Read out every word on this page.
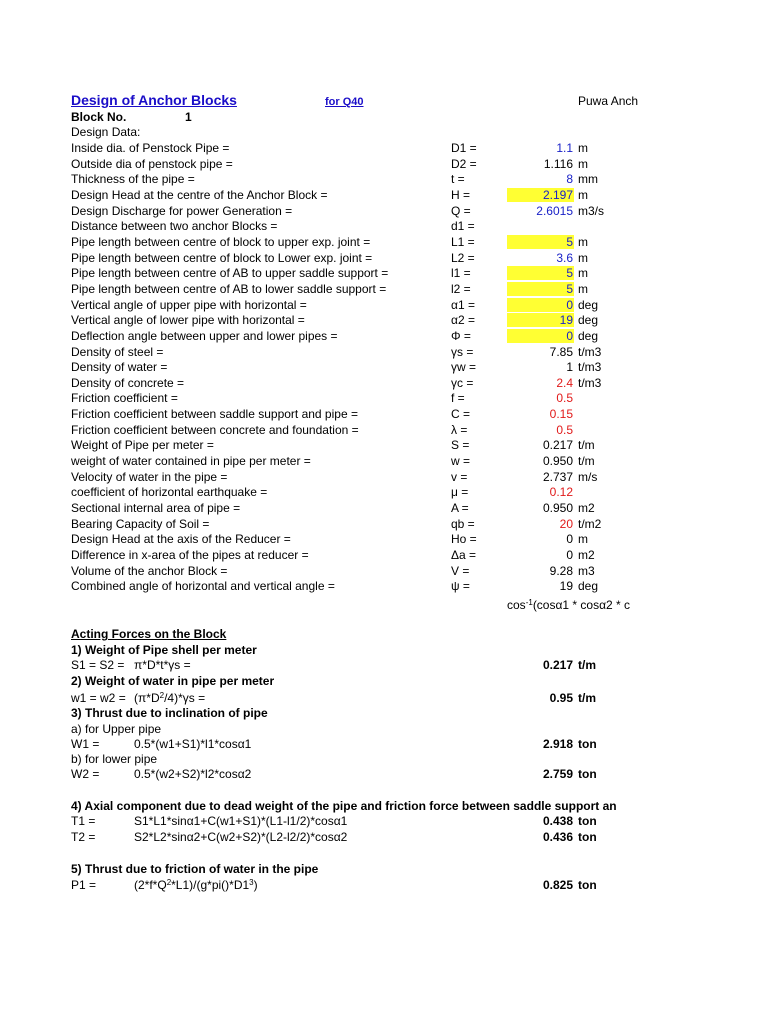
Design of Anchor Blocks	for Q40	Puwa Anch
Block No.	1
Design Data:
Inside dia. of Penstock Pipe =	D1 =	1.1 m
Outside dia of penstock pipe =	D2 =	1.116 m
Thickness of the pipe =	t =	8 mm
Design Head at the centre of the Anchor Block =	H =	2.197 m
Design Discharge for power Generation =	Q =	2.6015 m3/s
Distance between two anchor Blocks =	d1 =
Pipe length between centre of block to upper exp. joint =	L1 =	5 m
Pipe length between centre of block to Lower exp. joint =	L2 =	3.6 m
Pipe length between centre of AB to upper saddle support =	l1 =	5 m
Pipe length between centre of AB to lower saddle support =	l2 =	5 m
Vertical angle of upper pipe with horizontal =	α1 =	0 deg
Vertical angle of lower pipe with horizontal =	α2 =	19 deg
Deflection angle between upper and lower pipes =	Φ =	0 deg
Density of steel =	γs =	7.85 t/m3
Density of water =	γw =	1 t/m3
Density of concrete =	γc =	2.4 t/m3
Friction coefficient =	f =	0.5
Friction coefficient between saddle support and pipe =	C =	0.15
Friction coefficient between concrete and foundation =	λ =	0.5
Weight of Pipe per meter =	S =	0.217 t/m
weight of water contained in pipe per meter =	w =	0.950 t/m
Velocity of water in the pipe =	v =	2.737 m/s
coefficient of horizontal earthquake =	μ =	0.12
Sectional internal area of pipe =	A =	0.950 m2
Bearing Capacity of Soil =	qb =	20 t/m2
Design Head at the axis of the Reducer =	Ho =	0 m
Difference in x-area of the pipes at reducer =	Δa =	0 m2
Volume of the anchor Block =	V =	9.28 m3
Combined angle of horizontal and vertical angle =	ψ =	19 deg
$\cos^{-1}(\cos\alpha 1 * \cos\alpha 2$ * c
Acting Forces on the Block
1) Weight of Pipe shell per meter
S1 = S2 = π*D*t*γs =	0.217 t/m
2) Weight of water in pipe per meter
$w1 = w2 = (\pi*D^2/4)*\gamma s$ =	0.95 t/m
3) Thrust due to inclination of pipe
a) for Upper pipe
W1 =	0.5*(w1+S1)*l1*cosα1	2.918 ton
b) for lower pipe
W2 =	0.5*(w2+S2)*l2*cosα2	2.759 ton
4) Axial component due to dead weight of the pipe and friction force between saddle support an
T1 =	S1*L1*sinα1+C(w1+S1)*(L1-l1/2)*cosα1	0.438 ton
T2 =	S2*L2*sinα2+C(w2+S2)*(L2-l2/2)*cosα2	0.436 ton
5) Thrust due to friction of water in the pipe
P1 =	$(2*f*Q^2*L1)/(g*pi()*D1^3)$	0.825 ton
